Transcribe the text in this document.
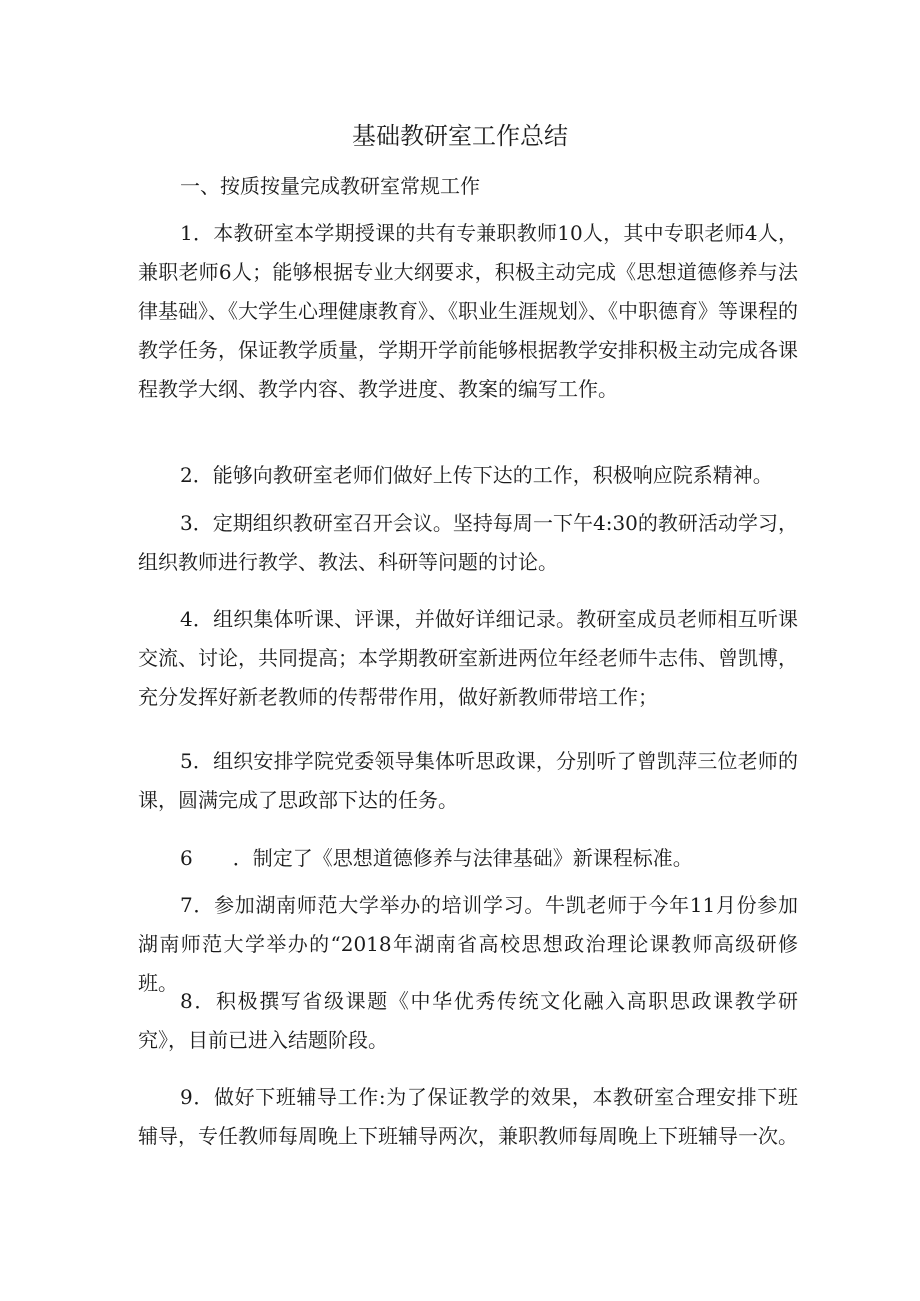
基础教研室工作总结
一、按质按量完成教研室常规工作

1．本教研室本学期授课的共有专兼职教师10人，其中专职老师4人，兼职老师6人；能够根据专业大纲要求，积极主动完成《思想道德修养与法律基础》、《大学生心理健康教育》、《职业生涯规划》、《中职德育》等课程的教学任务，保证教学质量，学期开学前能够根据教学安排积极主动完成各课程教学大纲、教学内容、教学进度、教案的编写工作。

2．能够向教研室老师们做好上传下达的工作，积极响应院系精神。

3．定期组织教研室召开会议。坚持每周一下午4:30的教研活动学习，组织教师进行教学、教法、科研等问题的讨论。

4．组织集体听课、评课，并做好详细记录。教研室成员老师相互听课交流、讨论，共同提高；本学期教研室新进两位年经老师牛志伟、曾凯博，充分发挥好新老教师的传帮带作用，做好新教师带培工作；

5．组织安排学院党委领导集体听思政课，分别听了曾凯萍三位老师的课，圆满完成了思政部下达的任务。

6　　．制定了《思想道德修养与法律基础》新课程标准。

7．参加湖南师范大学举办的培训学习。牛凯老师于今年11月份参加湖南师范大学举办的“2018年湖南省高校思想政治理论课教师高级研修班。

8．积极撰写省级课题《中华优秀传统文化融入高职思政课教学研究》，目前已进入结题阶段。

9．做好下班辅导工作:为了保证教学的效果，本教研室合理安排下班辅导，专任教师每周晚上下班辅导两次，兼职教师每周晚上下班辅导一次。
